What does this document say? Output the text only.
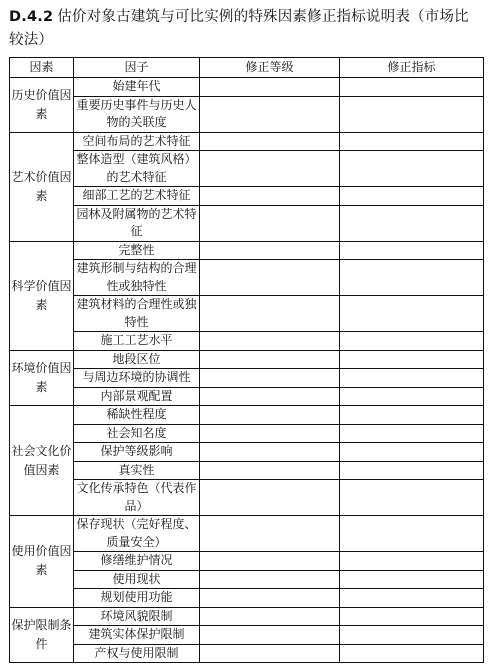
D.4.2 估价对象古建筑与可比实例的特殊因素修正指标说明表（市场比较法）
因素	因子	修正等级	修正指标
历史价值因素	始建年代		
	重要历史事件与历史人物的关联度		
艺术价值因素	空间布局的艺术特征		
	整体造型（建筑风格）的艺术特征		
	细部工艺的艺术特征		
	园林及附属物的艺术特征		
科学价值因素	完整性		
	建筑形制与结构的合理性或独特性		
	建筑材料的合理性或独特性		
	施工工艺水平		
环境价值因素	地段区位		
	与周边环境的协调性		
	内部景观配置		
社会文化价值因素	稀缺性程度		
	社会知名度		
	保护等级影响		
	真实性		
	文化传承特色（代表作品）		
使用价值因素	保存现状（完好程度、质量安全）		
	修缮维护情况		
	使用现状		
	规划使用功能		
保护限制条件	环境风貌限制		
	建筑实体保护限制		
	产权与使用限制		
